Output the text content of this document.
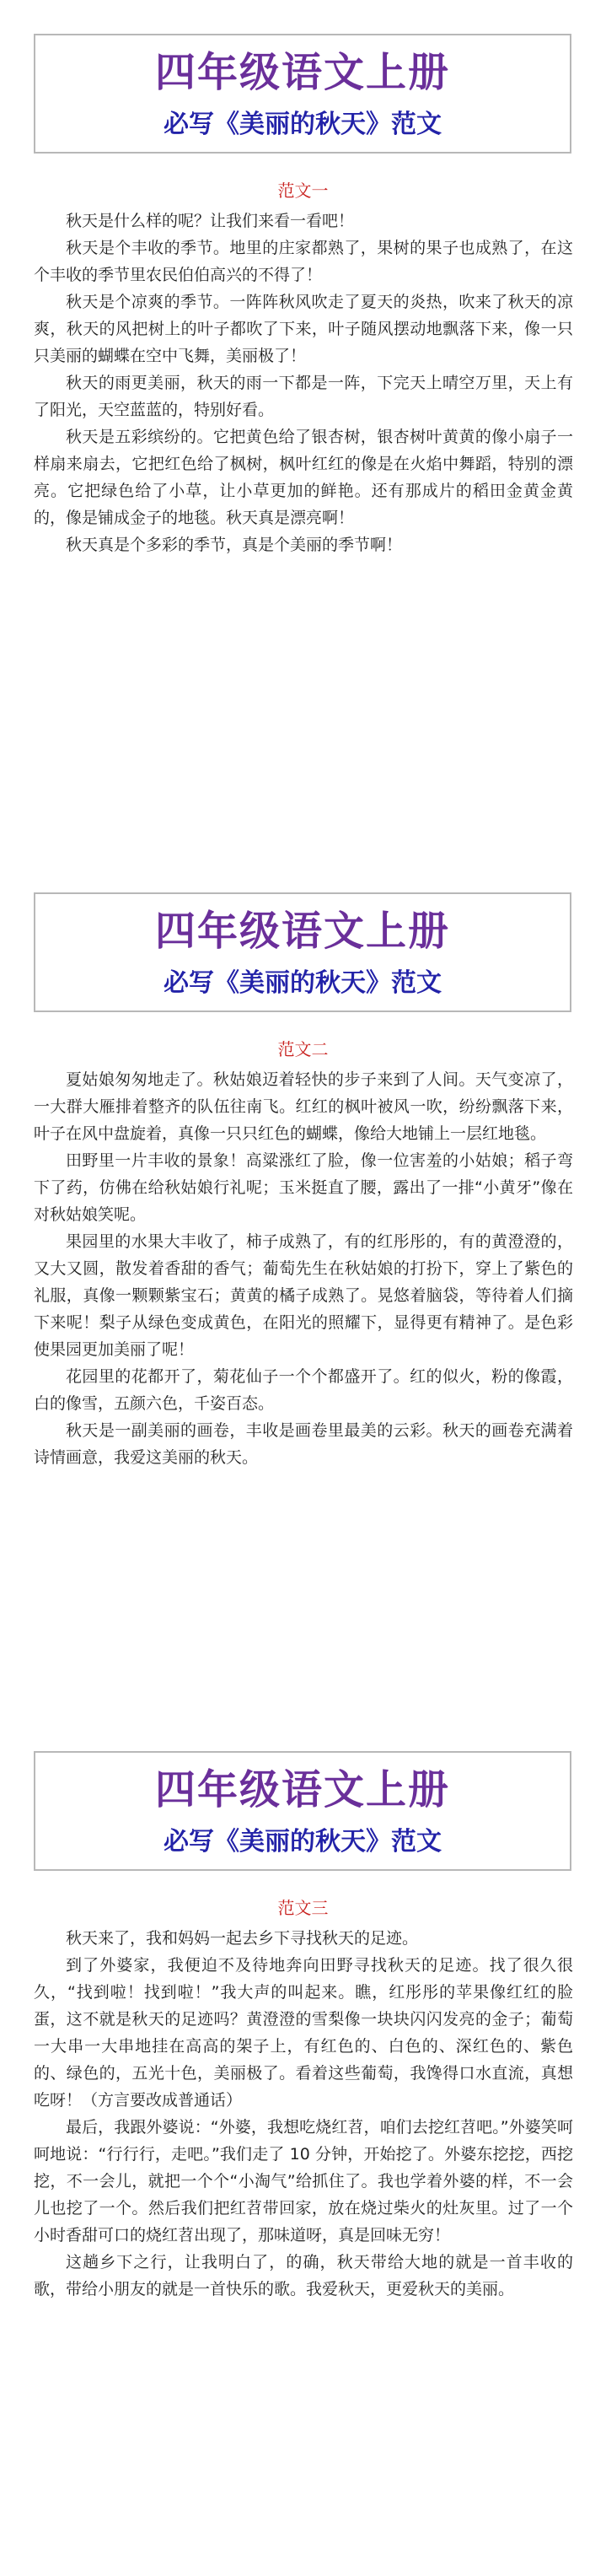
四年级语文上册
必写《美丽的秋天》范文
范文一

秋天是什么样的呢？让我们来看一看吧！

秋天是个丰收的季节。地里的庄家都熟了，果树的果子也成熟了，在这个丰收的季节里农民伯伯高兴的不得了！

秋天是个凉爽的季节。一阵阵秋风吹走了夏天的炎热，吹来了秋天的凉爽，秋天的风把树上的叶子都吹了下来，叶子随风摆动地飘落下来，像一只只美丽的蝴蝶在空中飞舞，美丽极了！

秋天的雨更美丽，秋天的雨一下都是一阵，下完天上晴空万里，天上有了阳光，天空蓝蓝的，特别好看。

秋天是五彩缤纷的。它把黄色给了银杏树，银杏树叶黄黄的像小扇子一样扇来扇去，它把红色给了枫树，枫叶红红的像是在火焰中舞蹈，特别的漂亮。它把绿色给了小草，让小草更加的鲜艳。还有那成片的稻田金黄金黄的，像是铺成金子的地毯。秋天真是漂亮啊！

秋天真是个多彩的季节，真是个美丽的季节啊！

四年级语文上册
必写《美丽的秋天》范文
范文二

夏姑娘匆匆地走了。秋姑娘迈着轻快的步子来到了人间。天气变凉了，一大群大雁排着整齐的队伍往南飞。红红的枫叶被风一吹，纷纷飘落下来，叶子在风中盘旋着，真像一只只红色的蝴蝶，像给大地铺上一层红地毯。

田野里一片丰收的景象！高粱涨红了脸，像一位害羞的小姑娘；稻子弯下了药，仿佛在给秋姑娘行礼呢；玉米挺直了腰，露出了一排“小黄牙”像在对秋姑娘笑呢。

果园里的水果大丰收了，柿子成熟了，有的红彤彤的，有的黄澄澄的，又大又圆，散发着香甜的香气；葡萄先生在秋姑娘的打扮下，穿上了紫色的礼服，真像一颗颗紫宝石；黄黄的橘子成熟了。晃悠着脑袋，等待着人们摘下来呢！梨子从绿色变成黄色，在阳光的照耀下，显得更有精神了。是色彩使果园更加美丽了呢！

花园里的花都开了，菊花仙子一个个都盛开了。红的似火，粉的像霞，白的像雪，五颜六色，千姿百态。

秋天是一副美丽的画卷，丰收是画卷里最美的云彩。秋天的画卷充满着诗情画意，我爱这美丽的秋天。

四年级语文上册
必写《美丽的秋天》范文
范文三

秋天来了，我和妈妈一起去乡下寻找秋天的足迹。

到了外婆家，我便迫不及待地奔向田野寻找秋天的足迹。找了很久很久，“找到啦！找到啦！”我大声的叫起来。瞧，红彤彤的苹果像红红的脸蛋，这不就是秋天的足迹吗？黄澄澄的雪梨像一块块闪闪发亮的金子；葡萄一大串一大串地挂在高高的架子上，有红色的、白色的、深红色的、紫色的、绿色的，五光十色，美丽极了。看着这些葡萄，我馋得口水直流，真想吃呀！（方言要改成普通话）

最后，我跟外婆说：“外婆，我想吃烧红苕，咱们去挖红苕吧。”外婆笑呵呵地说：“行行行，走吧。”我们走了 10 分钟，开始挖了。外婆东挖挖，西挖挖，不一会儿，就把一个个“小淘气”给抓住了。我也学着外婆的样，不一会儿也挖了一个。然后我们把红苕带回家，放在烧过柴火的灶灰里。过了一个小时香甜可口的烧红苕出现了，那味道呀，真是回味无穷！

这趟乡下之行，让我明白了，的确，秋天带给大地的就是一首丰收的歌，带给小朋友的就是一首快乐的歌。我爱秋天，更爱秋天的美丽。
